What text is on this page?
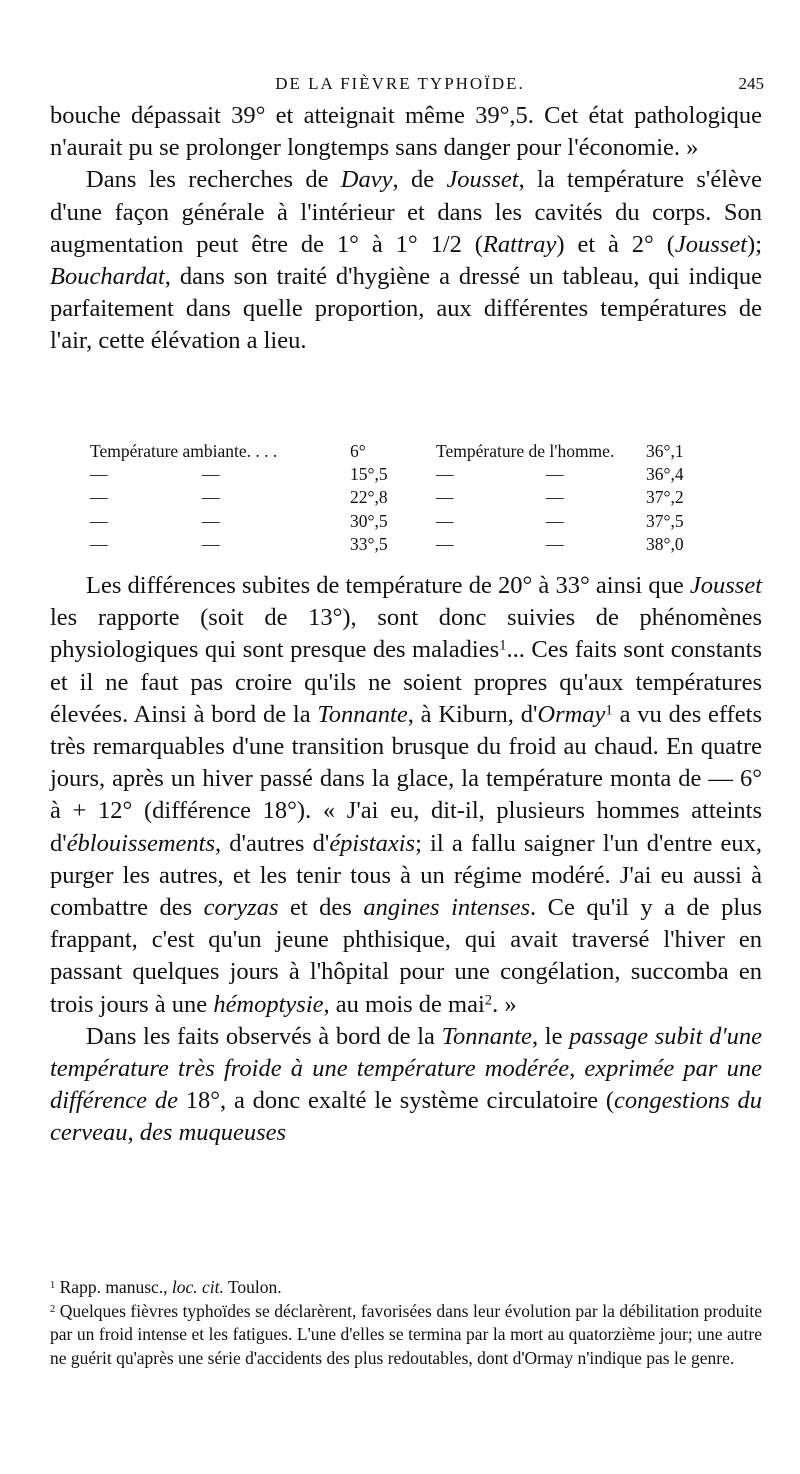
DE LA FIÈVRE TYPHOÏDE.	245

bouche dépassait 39° et atteignait même 39°,5. Cet état pathologique n'aurait pu se prolonger longtemps sans danger pour l'économie. »

Dans les recherches de Davy, de Jousset, la température s'élève d'une façon générale à l'intérieur et dans les cavités du corps. Son augmentation peut être de 1° à 1° 1/2 (Rattray) et à 2° (Jousset); Bouchardat, dans son traité d'hygiène a dressé un tableau, qui indique parfaitement dans quelle proportion, aux différentes températures de l'air, cette élévation a lieu.

Température ambiante. . . .	6°	Température de l'homme. 36°,1
—	—	15°,5	—	—	36°,4
—	—	22°,8	—	—	37°,2
—	—	30°,5	—	—	37°,5
—	—	33°,5	—	—	38°,0

Les différences subites de température de 20° à 33° ainsi que Jousset les rapporte (soit de 13°), sont donc suivies de phénomènes physiologiques qui sont presque des maladies$^1$... Ces faits sont constants et il ne faut pas croire qu'ils ne soient propres qu'aux températures élevées. Ainsi à bord de la Tonnante, à Kiburn, d'Ormay$^1$ a vu des effets très remarquables d'une transition brusque du froid au chaud. En quatre jours, après un hiver passé dans la glace, la température monta de — 6° à + 12° (différence 18°). « J'ai eu, dit-il, plusieurs hommes atteints d'éblouissements, d'autres d'épistaxis; il a fallu saigner l'un d'entre eux, purger les autres, et les tenir tous à un régime modéré. J'ai eu aussi à combattre des coryzas et des angines intenses. Ce qu'il y a de plus frappant, c'est qu'un jeune phthisique, qui avait traversé l'hiver en passant quelques jours à l'hôpital pour une congélation, succomba en trois jours à une hémoptysie, au mois de mai$^2$. »

Dans les faits observés à bord de la Tonnante, le passage subit d'une température très froide à une température modérée, exprimée par une différence de 18°, a donc exalté le système circulatoire (congestions du cerveau, des muqueuses

$^1$ Rapp. manusc., loc. cit. Toulon.

$^2$ Quelques fièvres typhoïdes se déclarèrent, favorisées dans leur évolution par la débilitation produite par un froid intense et les fatigues. L'une d'elles se termina par la mort au quatorzième jour; une autre ne guérit qu'après une série d'accidents des plus redoutables, dont d'Ormay n'indique pas le genre.
